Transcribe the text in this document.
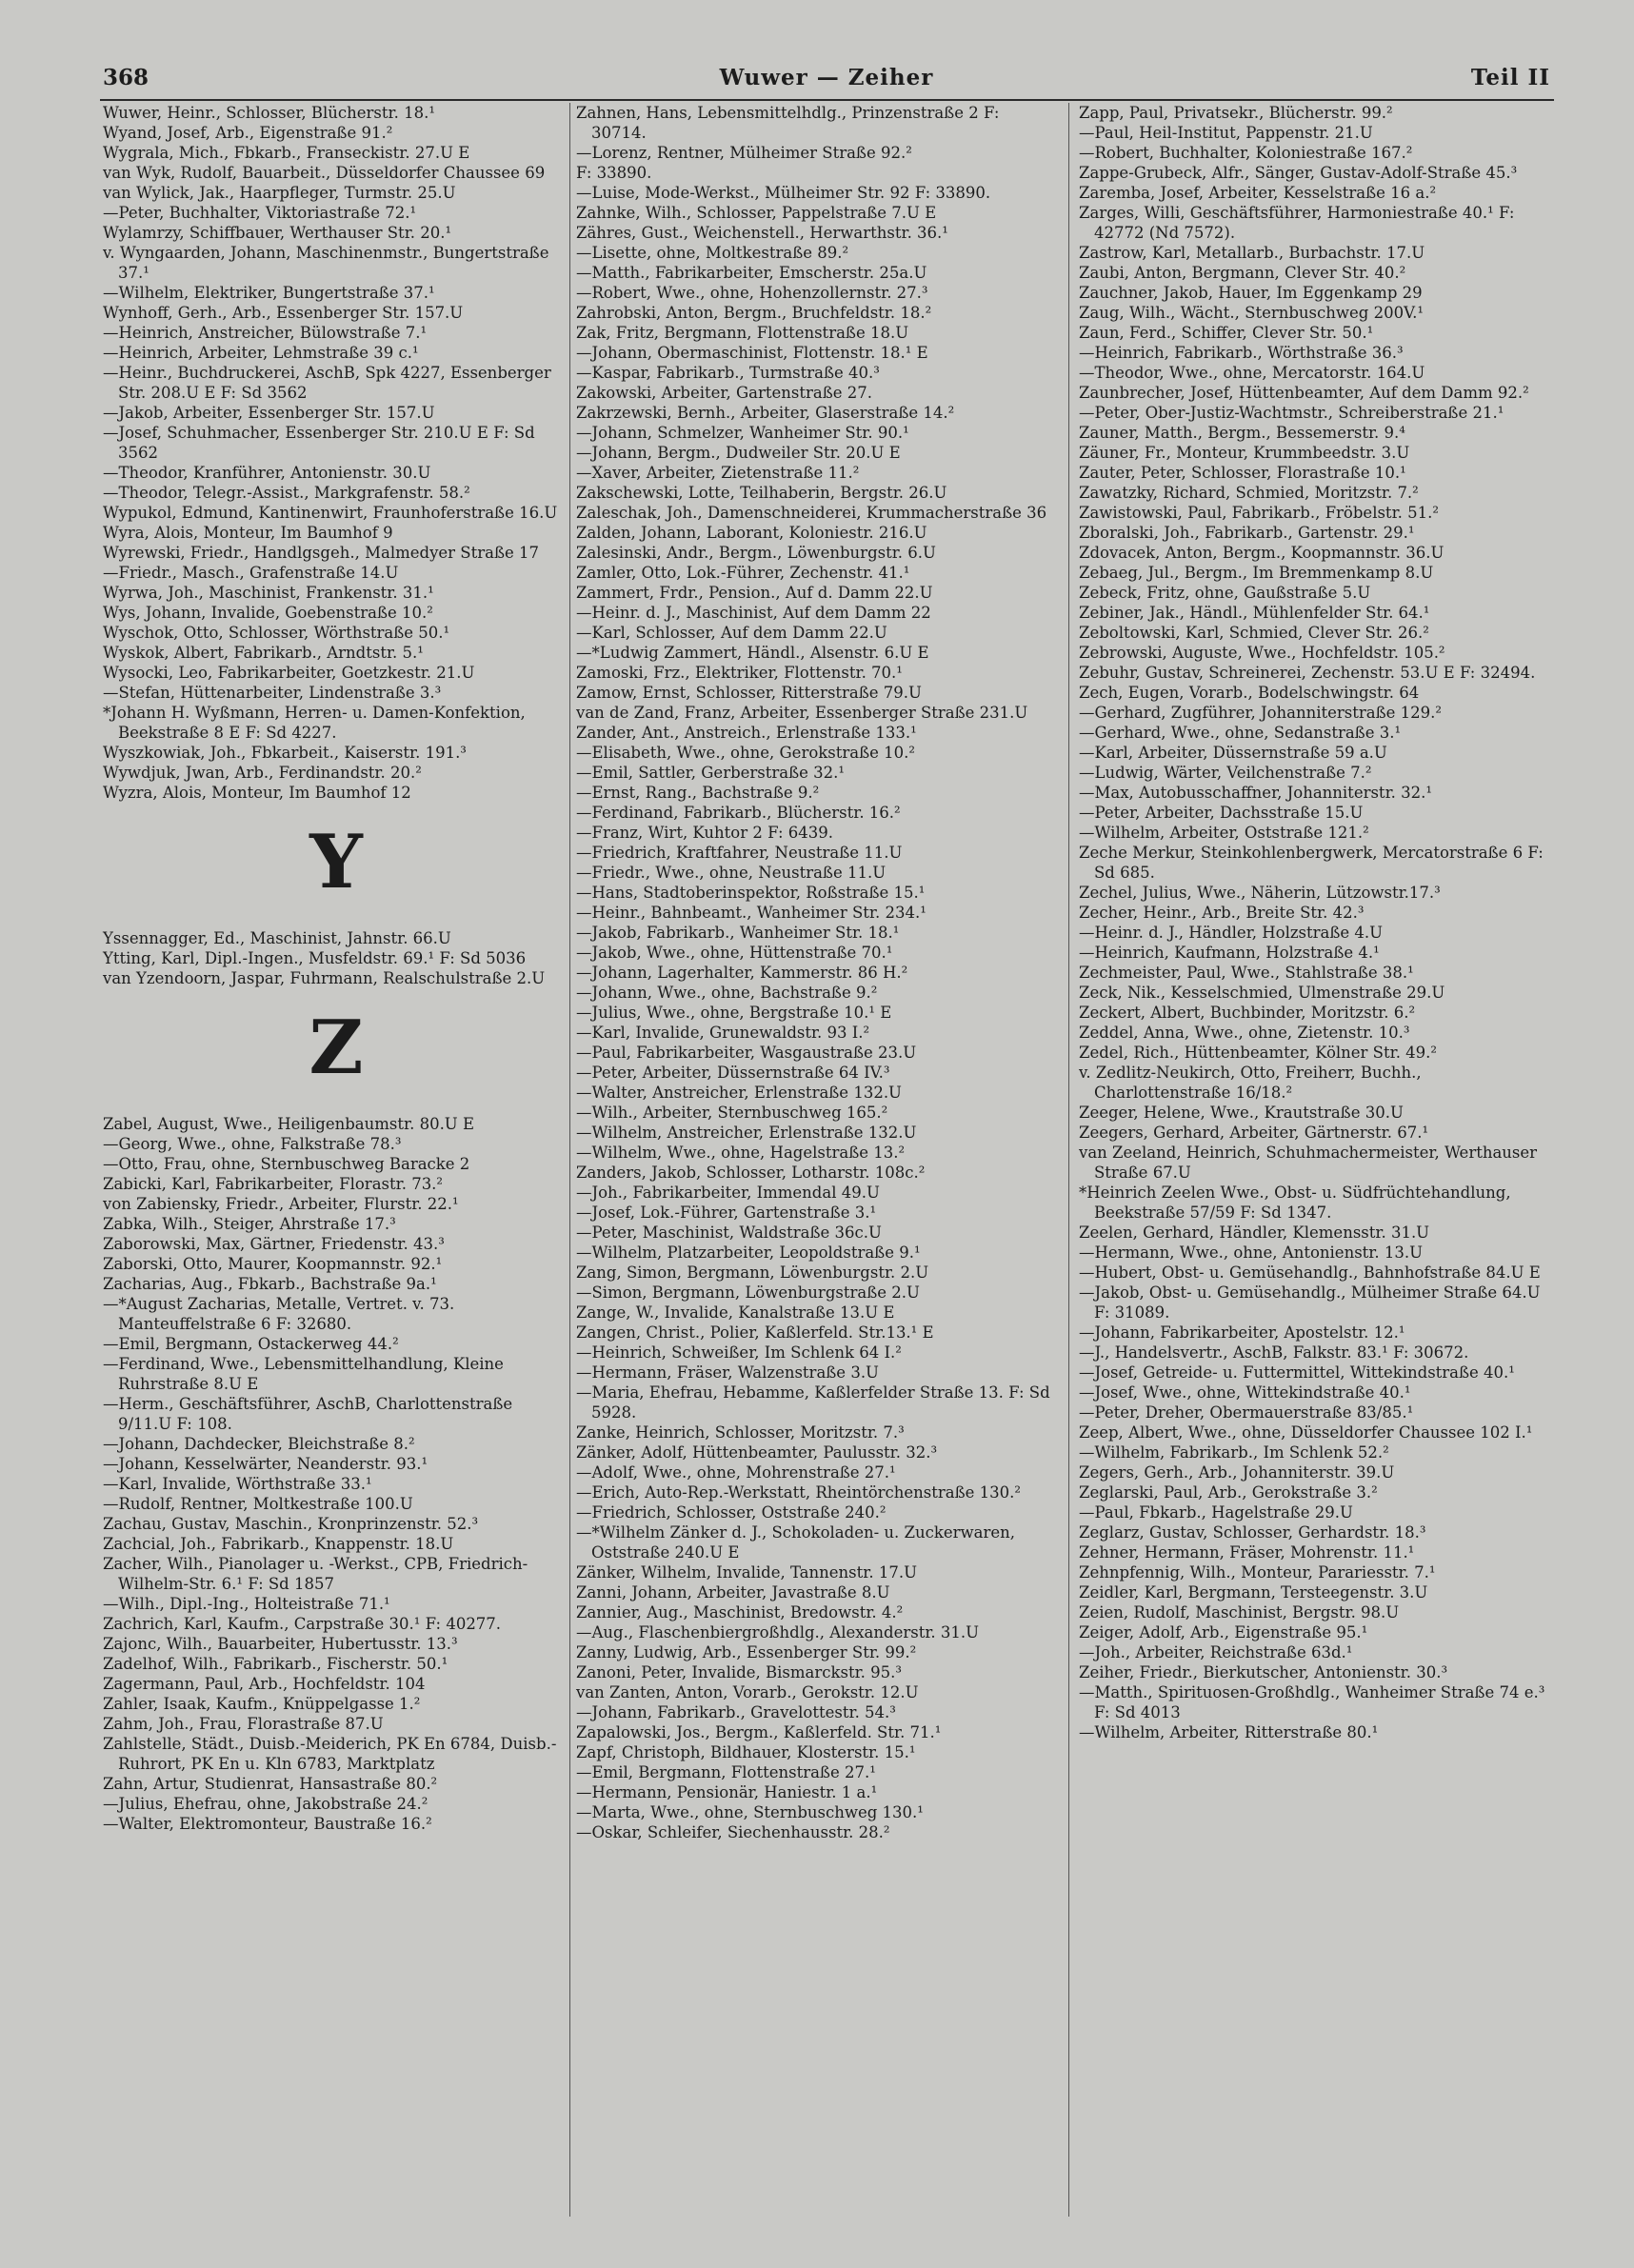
368	Wuwer — Zeiher	Teil II
Wuwer, Heinr., Schlosser, Blücherstr. 18.¹
Wyand, Josef, Arb., Eigenstraße 91.²
Wygrala, Mich., Fbkarb., Franseckistr. 27.U E
van Wyk, Rudolf, Bauarbeit., Düsseldorfer Chaussee 69
van Wylick, Jak., Haarpfleger, Turmstr. 25.U
—Peter, Buchhalter, Viktoriastraße 72.¹
Wylamrzy, Schiffbauer, Werthauser Str. 20.¹
v. Wyngaarden, Johann, Maschinenmstr., Bungertstraße 37.¹
—Wilhelm, Elektriker, Bungertstraße 37.¹
Wynhoff, Gerh., Arb., Essenberger Str. 157.U
—Heinrich, Anstreicher, Bülowstraße 7.¹
—Heinrich, Arbeiter, Lehmstraße 39 c.¹
—Heinr., Buchdruckerei, AschB, Spk 4227, Essenberger Str. 208.U E F: Sd 3562
—Jakob, Arbeiter, Essenberger Str. 157.U
—Josef, Schuhmacher, Essenberger Str. 210.U E F: Sd 3562
—Theodor, Kranführer, Antonienstr. 30.U
—Theodor, Telegr.-Assist., Markgrafenstr. 58.²
Wypukol, Edmund, Kantinenwirt, Fraunhoferstraße 16.U
Wyra, Alois, Monteur, Im Baumhof 9
Wyrewski, Friedr., Handlgsgeh., Malmedyer Straße 17
—Friedr., Masch., Grafenstraße 14.U
Wyrwa, Joh., Maschinist, Frankenstr. 31.¹
Wys, Johann, Invalide, Goebenstraße 10.²
Wyschok, Otto, Schlosser, Wörthstraße 50.¹
Wyskok, Albert, Fabrikarb., Arndtstr. 5.¹
Wysocki, Leo, Fabrikarbeiter, Goetzkestr. 21.U
—Stefan, Hüttenarbeiter, Lindenstraße 3.³
*Johann H. Wyßmann, Herren- u. Damen-Konfektion, Beekstraße 8 E F: Sd 4227.
Wyszkowiak, Joh., Fbkarbeit., Kaiserstr. 191.³
Wywdjuk, Jwan, Arb., Ferdinandstr. 20.²
Wyzra, Alois, Monteur, Im Baumhof 12
Y
Yssennagger, Ed., Maschinist, Jahnstr. 66.U
Ytting, Karl, Dipl.-Ingen., Musfeldstr. 69.¹ F: Sd 5036
van Yzendoorn, Jaspar, Fuhrmann, Realschulstraße 2.U
Z
Zabel, August, Wwe., Heiligenbaumstr. 80.U E
—Georg, Wwe., ohne, Falkstraße 78.³
—Otto, Frau, ohne, Sternbuschweg Baracke 2
Zabicki, Karl, Fabrikarbeiter, Florastr. 73.²
von Zabiensky, Friedr., Arbeiter, Flurstr. 22.¹
Zabka, Wilh., Steiger, Ahrstraße 17.³
Zaborowski, Max, Gärtner, Friedenstr. 43.³
Zaborski, Otto, Maurer, Koopmannstr. 92.¹
Zacharias, Aug., Fbkarb., Bachstraße 9a.¹
—*August Zacharias, Metalle, Vertret. v. 73. Manteuffelstraße 6 F: 32680.
—Emil, Bergmann, Ostackerweg 44.²
—Ferdinand, Wwe., Lebensmittelhandlung, Kleine Ruhrstraße 8.U E
—Herm., Geschäftsführer, AschB, Charlottenstraße 9/11.U F: 108.
—Johann, Dachdecker, Bleichstraße 8.²
—Johann, Kesselwärter, Neanderstr. 93.¹
—Karl, Invalide, Wörthstraße 33.¹
—Rudolf, Rentner, Moltkestraße 100.U
Zachau, Gustav, Maschin., Kronprinzenstr. 52.³
Zachcial, Joh., Fabrikarb., Knappenstr. 18.U
Zacher, Wilh., Pianolager u. -Werkst., CPB, Friedrich-Wilhelm-Str. 6.¹ F: Sd 1857
—Wilh., Dipl.-Ing., Holteistraße 71.¹
Zachrich, Karl, Kaufm., Carpstraße 30.¹ F: 40277.
Zajonc, Wilh., Bauarbeiter, Hubertusstr. 13.³
Zadelhof, Wilh., Fabrikarb., Fischerstr. 50.¹
Zagermann, Paul, Arb., Hochfeldstr. 104
Zahler, Isaak, Kaufm., Knüppelgasse 1.²
Zahm, Joh., Frau, Florastraße 87.U
Zahlstelle, Städt., Duisb.-Meiderich, PK En 6784, Duisb.-Ruhrort, PK En u. Kln 6783, Marktplatz
Zahn, Artur, Studienrat, Hansastraße 80.²
—Julius, Ehefrau, ohne, Jakobstraße 24.²
—Walter, Elektromonteur, Baustraße 16.²
Zahnen, Hans, Lebensmittelhdlg., Prinzenstraße 2 F: 30714.
—Lorenz, Rentner, Mülheimer Straße 92.²
F: 33890.
—Luise, Mode-Werkst., Mülheimer Str. 92 F: 33890.
Zahnke, Wilh., Schlosser, Pappelstraße 7.U E
Zähres, Gust., Weichenstell., Herwarthstr. 36.¹
—Lisette, ohne, Moltkestraße 89.²
—Matth., Fabrikarbeiter, Emscherstr. 25a.U
—Robert, Wwe., ohne, Hohenzollernstr. 27.³
Zahrobski, Anton, Bergm., Bruchfeldstr. 18.²
Zak, Fritz, Bergmann, Flottenstraße 18.U
—Johann, Obermaschinist, Flottenstr. 18.¹ E
—Kaspar, Fabrikarb., Turmstraße 40.³
Zakowski, Arbeiter, Gartenstraße 27.
Zakrzewski, Bernh., Arbeiter, Glaserstraße 14.²
—Johann, Schmelzer, Wanheimer Str. 90.¹
—Johann, Bergm., Dudweiler Str. 20.U E
—Xaver, Arbeiter, Zietenstraße 11.²
Zakschewski, Lotte, Teilhaberin, Bergstr. 26.U
Zaleschak, Joh., Damenschneiderei, Krummacherstraße 36
Zalden, Johann, Laborant, Koloniestr. 216.U
Zalesinski, Andr., Bergm., Löwenburgstr. 6.U
Zamler, Otto, Lok.-Führer, Zechenstr. 41.¹
Zammert, Frdr., Pension., Auf d. Damm 22.U
—Heinr. d. J., Maschinist, Auf dem Damm 22
—Karl, Schlosser, Auf dem Damm 22.U
—*Ludwig Zammert, Händl., Alsenstr. 6.U E
Zamoski, Frz., Elektriker, Flottenstr. 70.¹
Zamow, Ernst, Schlosser, Ritterstraße 79.U
van de Zand, Franz, Arbeiter, Essenberger Straße 231.U
Zander, Ant., Anstreich., Erlenstraße 133.¹
—Elisabeth, Wwe., ohne, Gerokstraße 10.²
—Emil, Sattler, Gerberstraße 32.¹
—Ernst, Rang., Bachstraße 9.²
—Ferdinand, Fabrikarb., Blücherstr. 16.²
—Franz, Wirt, Kuhtor 2 F: 6439.
—Friedrich, Kraftfahrer, Neustraße 11.U
—Friedr., Wwe., ohne, Neustraße 11.U
—Hans, Stadtoberinspektor, Roßstraße 15.¹
—Heinr., Bahnbeamt., Wanheimer Str. 234.¹
—Jakob, Fabrikarb., Wanheimer Str. 18.¹
—Jakob, Wwe., ohne, Hüttenstraße 70.¹
—Johann, Lagerhalter, Kammerstr. 86 H.²
—Johann, Wwe., ohne, Bachstraße 9.²
—Julius, Wwe., ohne, Bergstraße 10.¹ E
—Karl, Invalide, Grunewaldstr. 93 I.²
—Paul, Fabrikarbeiter, Wasgaustraße 23.U
—Peter, Arbeiter, Düssernstraße 64 IV.³
—Walter, Anstreicher, Erlenstraße 132.U
—Wilh., Arbeiter, Sternbuschweg 165.²
—Wilhelm, Anstreicher, Erlenstraße 132.U
—Wilhelm, Wwe., ohne, Hagelstraße 13.²
Zanders, Jakob, Schlosser, Lotharstr. 108c.²
—Joh., Fabrikarbeiter, Immendal 49.U
—Josef, Lok.-Führer, Gartenstraße 3.¹
—Peter, Maschinist, Waldstraße 36c.U
—Wilhelm, Platzarbeiter, Leopoldstraße 9.¹
Zang, Simon, Bergmann, Löwenburgstr. 2.U
—Simon, Bergmann, Löwenburgstraße 2.U
Zange, W., Invalide, Kanalstraße 13.U E
Zangen, Christ., Polier, Kaßlerfeld. Str.13.¹ E
—Heinrich, Schweißer, Im Schlenk 64 I.²
—Hermann, Fräser, Walzenstraße 3.U
—Maria, Ehefrau, Hebamme, Kaßlerfelder Straße 13. F: Sd 5928.
Zanke, Heinrich, Schlosser, Moritzstr. 7.³
Zänker, Adolf, Hüttenbeamter, Paulusstr. 32.³
—Adolf, Wwe., ohne, Mohrenstraße 27.¹
—Erich, Auto-Rep.-Werkstatt, Rheintörchenstraße 130.²
—Friedrich, Schlosser, Oststraße 240.²
—*Wilhelm Zänker d. J., Schokoladen- u. Zuckerwaren, Oststraße 240.U E
Zänker, Wilhelm, Invalide, Tannenstr. 17.U
Zanni, Johann, Arbeiter, Javastraße 8.U
Zannier, Aug., Maschinist, Bredowstr. 4.²
—Aug., Flaschenbiergroßhdlg., Alexanderstr. 31.U
Zanny, Ludwig, Arb., Essenberger Str. 99.²
Zanoni, Peter, Invalide, Bismarckstr. 95.³
van Zanten, Anton, Vorarb., Gerokstr. 12.U
—Johann, Fabrikarb., Gravelottestr. 54.³
Zapalowski, Jos., Bergm., Kaßlerfeld. Str. 71.¹
Zapf, Christoph, Bildhauer, Klosterstr. 15.¹
—Emil, Bergmann, Flottenstraße 27.¹
—Hermann, Pensionär, Haniestr. 1 a.¹
—Marta, Wwe., ohne, Sternbuschweg 130.¹
—Oskar, Schleifer, Siechenhausstr. 28.²
Zapp, Paul, Privatsekr., Blücherstr. 99.²
—Paul, Heil-Institut, Pappenstr. 21.U
—Robert, Buchhalter, Koloniestraße 167.²
Zappe-Grubeck, Alfr., Sänger, Gustav-Adolf-Straße 45.³
Zaremba, Josef, Arbeiter, Kesselstraße 16 a.²
Zarges, Willi, Geschäftsführer, Harmoniestraße 40.¹ F: 42772 (Nd 7572).
Zastrow, Karl, Metallarb., Burbachstr. 17.U
Zaubi, Anton, Bergmann, Clever Str. 40.²
Zauchner, Jakob, Hauer, Im Eggenkamp 29
Zaug, Wilh., Wächt., Sternbuschweg 200V.¹
Zaun, Ferd., Schiffer, Clever Str. 50.¹
—Heinrich, Fabrikarb., Wörthstraße 36.³
—Theodor, Wwe., ohne, Mercatorstr. 164.U
Zaunbrecher, Josef, Hüttenbeamter, Auf dem Damm 92.²
—Peter, Ober-Justiz-Wachtmstr., Schreiberstraße 21.¹
Zauner, Matth., Bergm., Bessemerstr. 9.⁴
Zäuner, Fr., Monteur, Krummbeedstr. 3.U
Zauter, Peter, Schlosser, Florastraße 10.¹
Zawatzky, Richard, Schmied, Moritzstr. 7.²
Zawistowski, Paul, Fabrikarb., Fröbelstr. 51.²
Zboralski, Joh., Fabrikarb., Gartenstr. 29.¹
Zdovacek, Anton, Bergm., Koopmannstr. 36.U
Zebaeg, Jul., Bergm., Im Bremmenkamp 8.U
Zebeck, Fritz, ohne, Gaußstraße 5.U
Zebiner, Jak., Händl., Mühlenfelder Str. 64.¹
Zeboltowski, Karl, Schmied, Clever Str. 26.²
Zebrowski, Auguste, Wwe., Hochfeldstr. 105.²
Zebuhr, Gustav, Schreinerei, Zechenstr. 53.U E F: 32494.
Zech, Eugen, Vorarb., Bodelschwingstr. 64
—Gerhard, Zugführer, Johanniterstraße 129.²
—Gerhard, Wwe., ohne, Sedanstraße 3.¹
—Karl, Arbeiter, Düssernstraße 59 a.U
—Ludwig, Wärter, Veilchenstraße 7.²
—Max, Autobusschaffner, Johanniterstr. 32.¹
—Peter, Arbeiter, Dachsstraße 15.U
—Wilhelm, Arbeiter, Oststraße 121.²
Zeche Merkur, Steinkohlenbergwerk, Mercatorstraße 6 F: Sd 685.
Zechel, Julius, Wwe., Näherin, Lützowstr.17.³
Zecher, Heinr., Arb., Breite Str. 42.³
—Heinr. d. J., Händler, Holzstraße 4.U
—Heinrich, Kaufmann, Holzstraße 4.¹
Zechmeister, Paul, Wwe., Stahlstraße 38.¹
Zeck, Nik., Kesselschmied, Ulmenstraße 29.U
Zeckert, Albert, Buchbinder, Moritzstr. 6.²
Zeddel, Anna, Wwe., ohne, Zietenstr. 10.³
Zedel, Rich., Hüttenbeamter, Kölner Str. 49.²
v. Zedlitz-Neukirch, Otto, Freiherr, Buchh., Charlottenstraße 16/18.²
Zeeger, Helene, Wwe., Krautstraße 30.U
Zeegers, Gerhard, Arbeiter, Gärtnerstr. 67.¹
van Zeeland, Heinrich, Schuhmachermeister, Werthauser Straße 67.U
*Heinrich Zeelen Wwe., Obst- u. Südfrüchtehandlung, Beekstraße 57/59 F: Sd 1347.
Zeelen, Gerhard, Händler, Klemensstr. 31.U
—Hermann, Wwe., ohne, Antonienstr. 13.U
—Hubert, Obst- u. Gemüsehandlg., Bahnhofstraße 84.U E
—Jakob, Obst- u. Gemüsehandlg., Mülheimer Straße 64.U F: 31089.
—Johann, Fabrikarbeiter, Apostelstr. 12.¹
—J., Handelsvertr., AschB, Falkstr. 83.¹ F: 30672.
—Josef, Getreide- u. Futtermittel, Wittekindstraße 40.¹
—Josef, Wwe., ohne, Wittekindstraße 40.¹
—Peter, Dreher, Obermauerstraße 83/85.¹
Zeep, Albert, Wwe., ohne, Düsseldorfer Chaussee 102 I.¹
—Wilhelm, Fabrikarb., Im Schlenk 52.²
Zegers, Gerh., Arb., Johanniterstr. 39.U
Zeglarski, Paul, Arb., Gerokstraße 3.²
—Paul, Fbkarb., Hagelstraße 29.U
Zeglarz, Gustav, Schlosser, Gerhardstr. 18.³
Zehner, Hermann, Fräser, Mohrenstr. 11.¹
Zehnpfennig, Wilh., Monteur, Parariesstr. 7.¹
Zeidler, Karl, Bergmann, Tersteegenstr. 3.U
Zeien, Rudolf, Maschinist, Bergstr. 98.U
Zeiger, Adolf, Arb., Eigenstraße 95.¹
—Joh., Arbeiter, Reichstraße 63d.¹
Zeiher, Friedr., Bierkutscher, Antonienstr. 30.³
—Matth., Spirituosen-Großhdlg., Wanheimer Straße 74 e.³ F: Sd 4013
—Wilhelm, Arbeiter, Ritterstraße 80.¹
